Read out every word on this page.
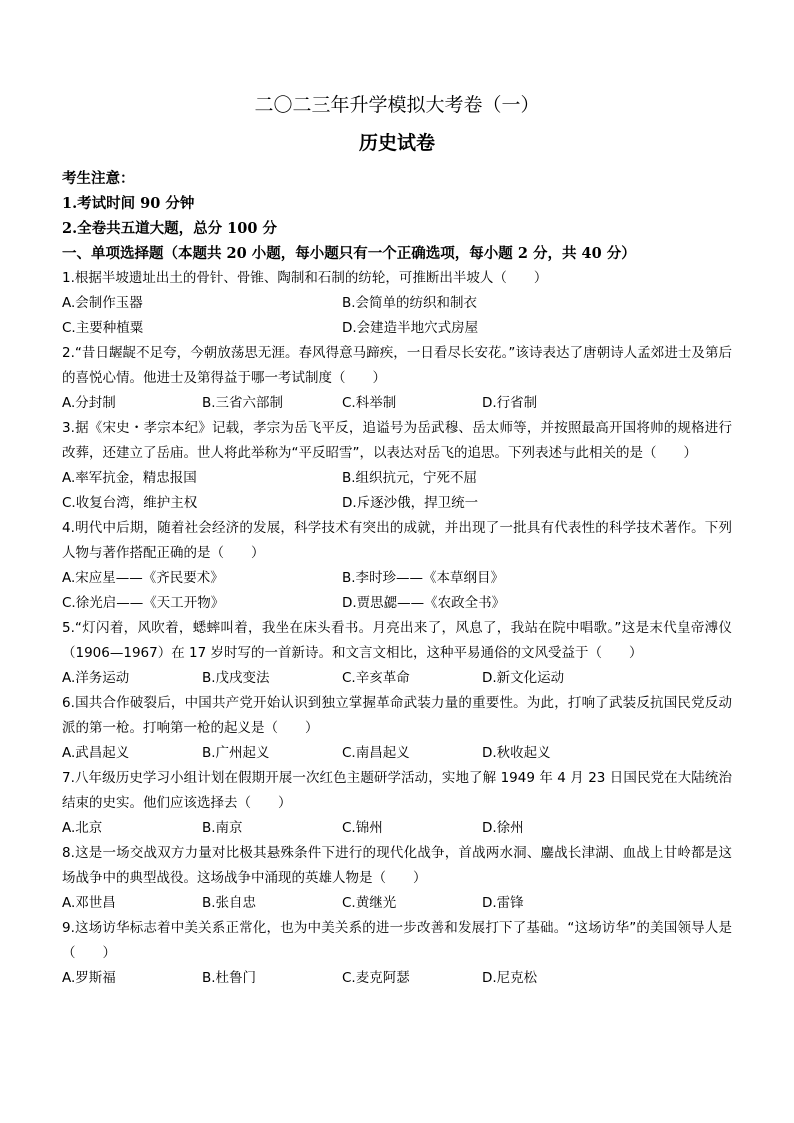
二〇二三年升学模拟大考卷（一）
历史试卷
考生注意：
1.考试时间 90 分钟
2.全卷共五道大题，总分 100 分
一、单项选择题（本题共 20 小题，每小题只有一个正确选项，每小题 2 分，共 40 分）
1.根据半坡遗址出土的骨针、骨锥、陶制和石制的纺轮，可推断出半坡人（　　）
A.会制作玉器	B.会简单的纺织和制衣
C.主要种植粟	D.会建造半地穴式房屋
2.“昔日龌龊不足夸，今朝放荡思无涯。春风得意马蹄疾，一日看尽长安花。”该诗表达了唐朝诗人孟郊进士及第后的喜悦心情。他进士及第得益于哪一考试制度（　　）
A.分封制	B.三省六部制	C.科举制	D.行省制
3.据《宋史・孝宗本纪》记载，孝宗为岳飞平反，追谥号为岳武穆、岳太师等，并按照最高开国将帅的规格进行改葬，还建立了岳庙。世人将此举称为“平反昭雪”，以表达对岳飞的追思。下列表述与此相关的是（　　）
A.率军抗金，精忠报国	B.组织抗元，宁死不屈
C.收复台湾，维护主权	D.斥逐沙俄，捍卫统一
4.明代中后期，随着社会经济的发展，科学技术有突出的成就，并出现了一批具有代表性的科学技术著作。下列人物与著作搭配正确的是（　　）
A.宋应星——《齐民要术》	B.李时珍——《本草纲目》
C.徐光启——《天工开物》	D.贾思勰——《农政全书》
5.“灯闪着，风吹着，蟋蟀叫着，我坐在床头看书。月亮出来了，风息了，我站在院中唱歌。”这是末代皇帝溥仪（1906—1967）在 17 岁时写的一首新诗。和文言文相比，这种平易通俗的文风受益于（　　）
A.洋务运动	B.戊戌变法	C.辛亥革命	D.新文化运动
6.国共合作破裂后，中国共产党开始认识到独立掌握革命武装力量的重要性。为此，打响了武装反抗国民党反动派的第一枪。打响第一枪的起义是（　　）
A.武昌起义	B.广州起义	C.南昌起义	D.秋收起义
7.八年级历史学习小组计划在假期开展一次红色主题研学活动，实地了解 1949 年 4 月 23 日国民党在大陆统治结束的史实。他们应该选择去（　　）
A.北京	B.南京	C.锦州	D.徐州
8.这是一场交战双方力量对比极其悬殊条件下进行的现代化战争，首战两水洞、鏖战长津湖、血战上甘岭都是这场战争中的典型战役。这场战争中涌现的英雄人物是（　　）
A.邓世昌	B.张自忠	C.黄继光	D.雷锋
9.这场访华标志着中美关系正常化，也为中美关系的进一步改善和发展打下了基础。“这场访华”的美国领导人是（　　）
A.罗斯福	B.杜鲁门	C.麦克阿瑟	D.尼克松
